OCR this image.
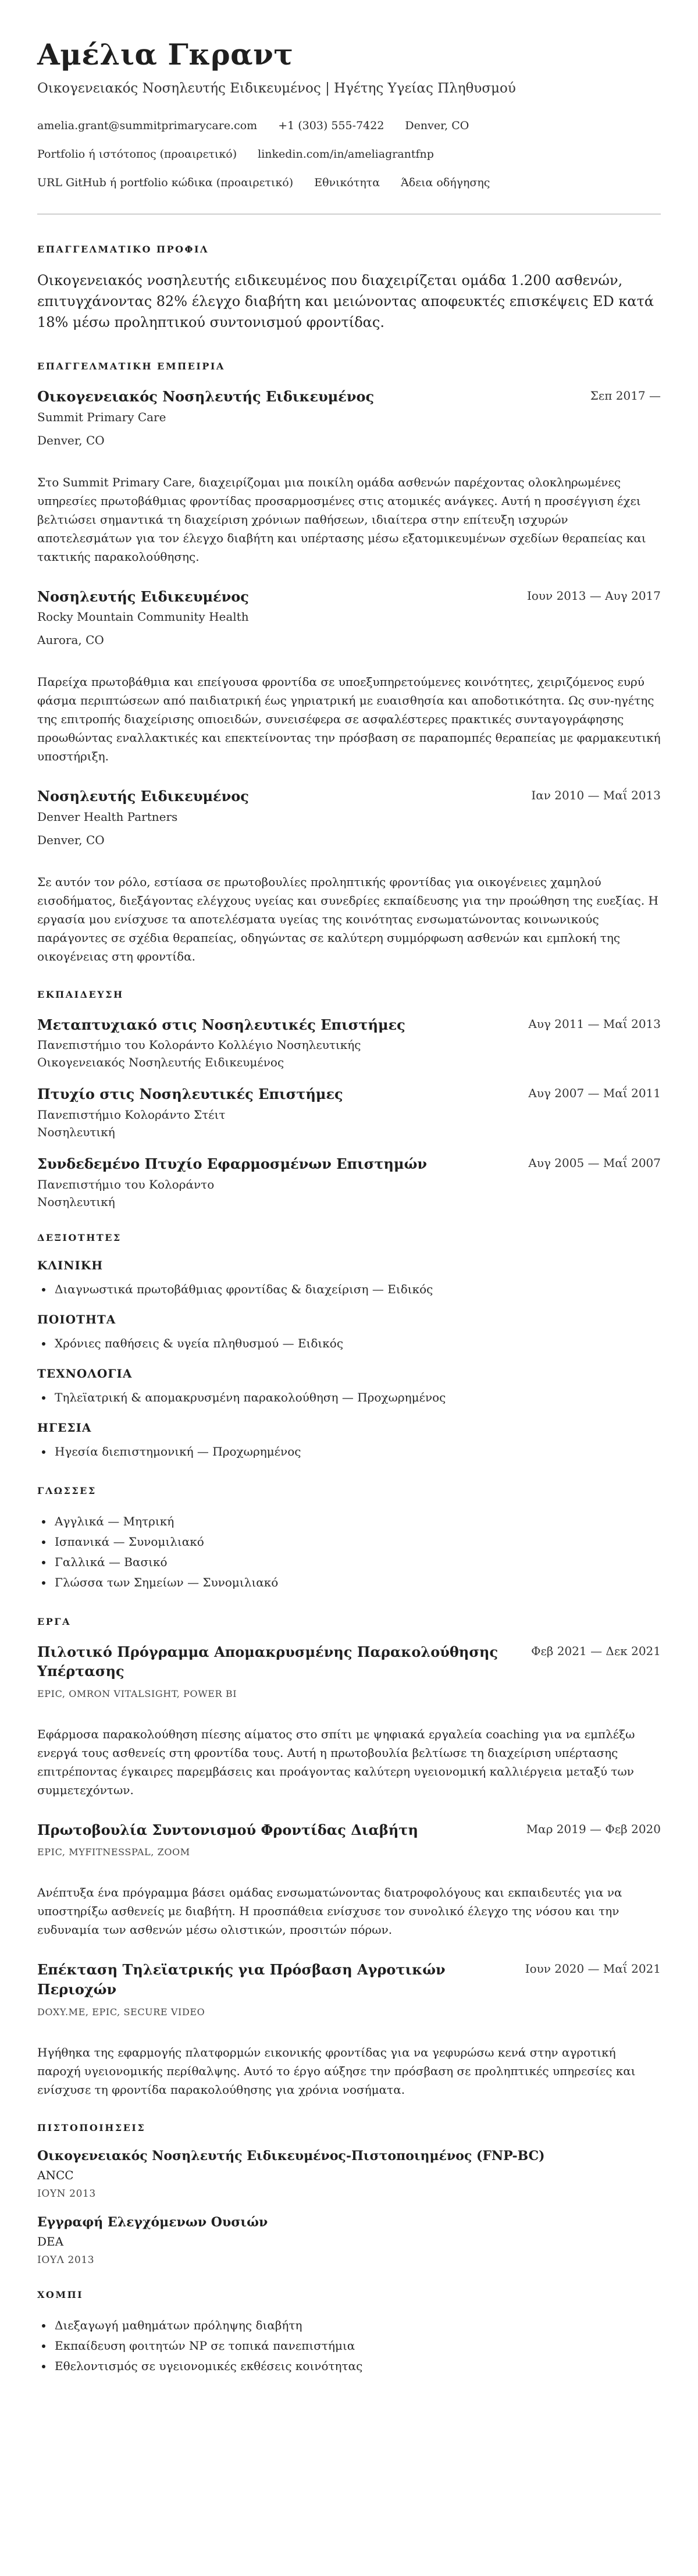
Αμέλια Γκραντ
Οικογενειακός Νοσηλευτής Ειδικευμένος | Ηγέτης Υγείας Πληθυσμού
amelia.grant@summitprimarycare.com +1 (303) 555-7422 Denver, CO
Portfolio ή ιστότοπος (προαιρετικό) linkedin.com/in/ameliagrantfnp
URL GitHub ή portfolio κώδικα (προαιρετικό) Εθνικότητα Άδεια οδήγησης
ΕΠΑΓΓΕΛΜΑΤΙΚΟ ΠΡΟΦΙΛ
Οικογενειακός νοσηλευτής ειδικευμένος που διαχειρίζεται ομάδα 1.200 ασθενών, επιτυγχάνοντας 82% έλεγχο διαβήτη και μειώνοντας αποφευκτές επισκέψεις ED κατά 18% μέσω προληπτικού συντονισμού φροντίδας.
ΕΠΑΓΓΕΛΜΑΤΙΚΗ ΕΜΠΕΙΡΙΑ
Οικογενειακός Νοσηλευτής Ειδικευμένος	Σεπ 2017 —
Summit Primary Care
Denver, CO
Στο Summit Primary Care, διαχειρίζομαι μια ποικίλη ομάδα ασθενών παρέχοντας ολοκληρωμένες υπηρεσίες πρωτοβάθμιας φροντίδας προσαρμοσμένες στις ατομικές ανάγκες. Αυτή η προσέγγιση έχει βελτιώσει σημαντικά τη διαχείριση χρόνιων παθήσεων, ιδιαίτερα στην επίτευξη ισχυρών αποτελεσμάτων για τον έλεγχο διαβήτη και υπέρτασης μέσω εξατομικευμένων σχεδίων θεραπείας και τακτικής παρακολούθησης.
Νοσηλευτής Ειδικευμένος	Ιουν 2013 — Αυγ 2017
Rocky Mountain Community Health
Aurora, CO
Παρείχα πρωτοβάθμια και επείγουσα φροντίδα σε υποεξυπηρετούμενες κοινότητες, χειριζόμενος ευρύ φάσμα περιπτώσεων από παιδιατρική έως γηριατρική με ευαισθησία και αποδοτικότητα. Ως συν-ηγέτης της επιτροπής διαχείρισης οπιοειδών, συνεισέφερα σε ασφαλέστερες πρακτικές συνταγογράφησης προωθώντας εναλλακτικές και επεκτείνοντας την πρόσβαση σε παραπομπές θεραπείας με φαρμακευτική υποστήριξη.
Νοσηλευτής Ειδικευμένος	Ιαν 2010 — Μαΐ 2013
Denver Health Partners
Denver, CO
Σε αυτόν τον ρόλο, εστίασα σε πρωτοβουλίες προληπτικής φροντίδας για οικογένειες χαμηλού εισοδήματος, διεξάγοντας ελέγχους υγείας και συνεδρίες εκπαίδευσης για την προώθηση της ευεξίας. Η εργασία μου ενίσχυσε τα αποτελέσματα υγείας της κοινότητας ενσωματώνοντας κοινωνικούς παράγοντες σε σχέδια θεραπείας, οδηγώντας σε καλύτερη συμμόρφωση ασθενών και εμπλοκή της οικογένειας στη φροντίδα.
ΕΚΠΑΙΔΕΥΣΗ
Μεταπτυχιακό στις Νοσηλευτικές Επιστήμες	Αυγ 2011 — Μαΐ 2013
Πανεπιστήμιο του Κολοράντο Κολλέγιο Νοσηλευτικής
Οικογενειακός Νοσηλευτής Ειδικευμένος
Πτυχίο στις Νοσηλευτικές Επιστήμες	Αυγ 2007 — Μαΐ 2011
Πανεπιστήμιο Κολοράντο Στέιτ
Νοσηλευτική
Συνδεδεμένο Πτυχίο Εφαρμοσμένων Επιστημών	Αυγ 2005 — Μαΐ 2007
Πανεπιστήμιο του Κολοράντο
Νοσηλευτική
ΔΕΞΙΟΤΗΤΕΣ
ΚΛΙΝΙΚΗ
Διαγνωστικά πρωτοβάθμιας φροντίδας & διαχείριση — Ειδικός
ΠΟΙΟΤΗΤΑ
Χρόνιες παθήσεις & υγεία πληθυσμού — Ειδικός
ΤΕΧΝΟΛΟΓΙΑ
Τηλεϊατρική & απομακρυσμένη παρακολούθηση — Προχωρημένος
ΗΓΕΣΙΑ
Ηγεσία διεπιστημονική — Προχωρημένος
ΓΛΩΣΣΕΣ
Αγγλικά — Μητρική
Ισπανικά — Συνομιλιακό
Γαλλικά — Βασικό
Γλώσσα των Σημείων — Συνομιλιακό
ΕΡΓΑ
Πιλοτικό Πρόγραμμα Απομακρυσμένης Παρακολούθησης Υπέρτασης
Φεβ 2021 — Δεκ 2021
EPIC, OMRON VITALSIGHT, POWER BI
Εφάρμοσα παρακολούθηση πίεσης αίματος στο σπίτι με ψηφιακά εργαλεία coaching για να εμπλέξω ενεργά τους ασθενείς στη φροντίδα τους. Αυτή η πρωτοβουλία βελτίωσε τη διαχείριση υπέρτασης επιτρέποντας έγκαιρες παρεμβάσεις και προάγοντας καλύτερη υγειονομική καλλιέργεια μεταξύ των συμμετεχόντων.
Πρωτοβουλία Συντονισμού Φροντίδας Διαβήτη	Μαρ 2019 — Φεβ 2020
EPIC, MYFITNESSPAL, ZOOM
Ανέπτυξα ένα πρόγραμμα βάσει ομάδας ενσωματώνοντας διατροφολόγους και εκπαιδευτές για να υποστηρίξω ασθενείς με διαβήτη. Η προσπάθεια ενίσχυσε τον συνολικό έλεγχο της νόσου και την ευδυναμία των ασθενών μέσω ολιστικών, προσιτών πόρων.
Επέκταση Τηλεϊατρικής για Πρόσβαση Αγροτικών Περιοχών
Ιουν 2020 — Μαΐ 2021
DOXY.ME, EPIC, SECURE VIDEO
Ηγήθηκα της εφαρμογής πλατφορμών εικονικής φροντίδας για να γεφυρώσω κενά στην αγροτική παροχή υγειονομικής περίθαλψης. Αυτό το έργο αύξησε την πρόσβαση σε προληπτικές υπηρεσίες και ενίσχυσε τη φροντίδα παρακολούθησης για χρόνια νοσήματα.
ΠΙΣΤΟΠΟΙΗΣΕΙΣ
Οικογενειακός Νοσηλευτής Ειδικευμένος-Πιστοποιημένος (FNP-BC)
ANCC
ΙΟΥΝ 2013
Εγγραφή Ελεγχόμενων Ουσιών
DEA
ΙΟΥΛ 2013
ΧΟΜΠΙ
Διεξαγωγή μαθημάτων πρόληψης διαβήτη
Εκπαίδευση φοιτητών NP σε τοπικά πανεπιστήμια
Εθελοντισμός σε υγειονομικές εκθέσεις κοινότητας
